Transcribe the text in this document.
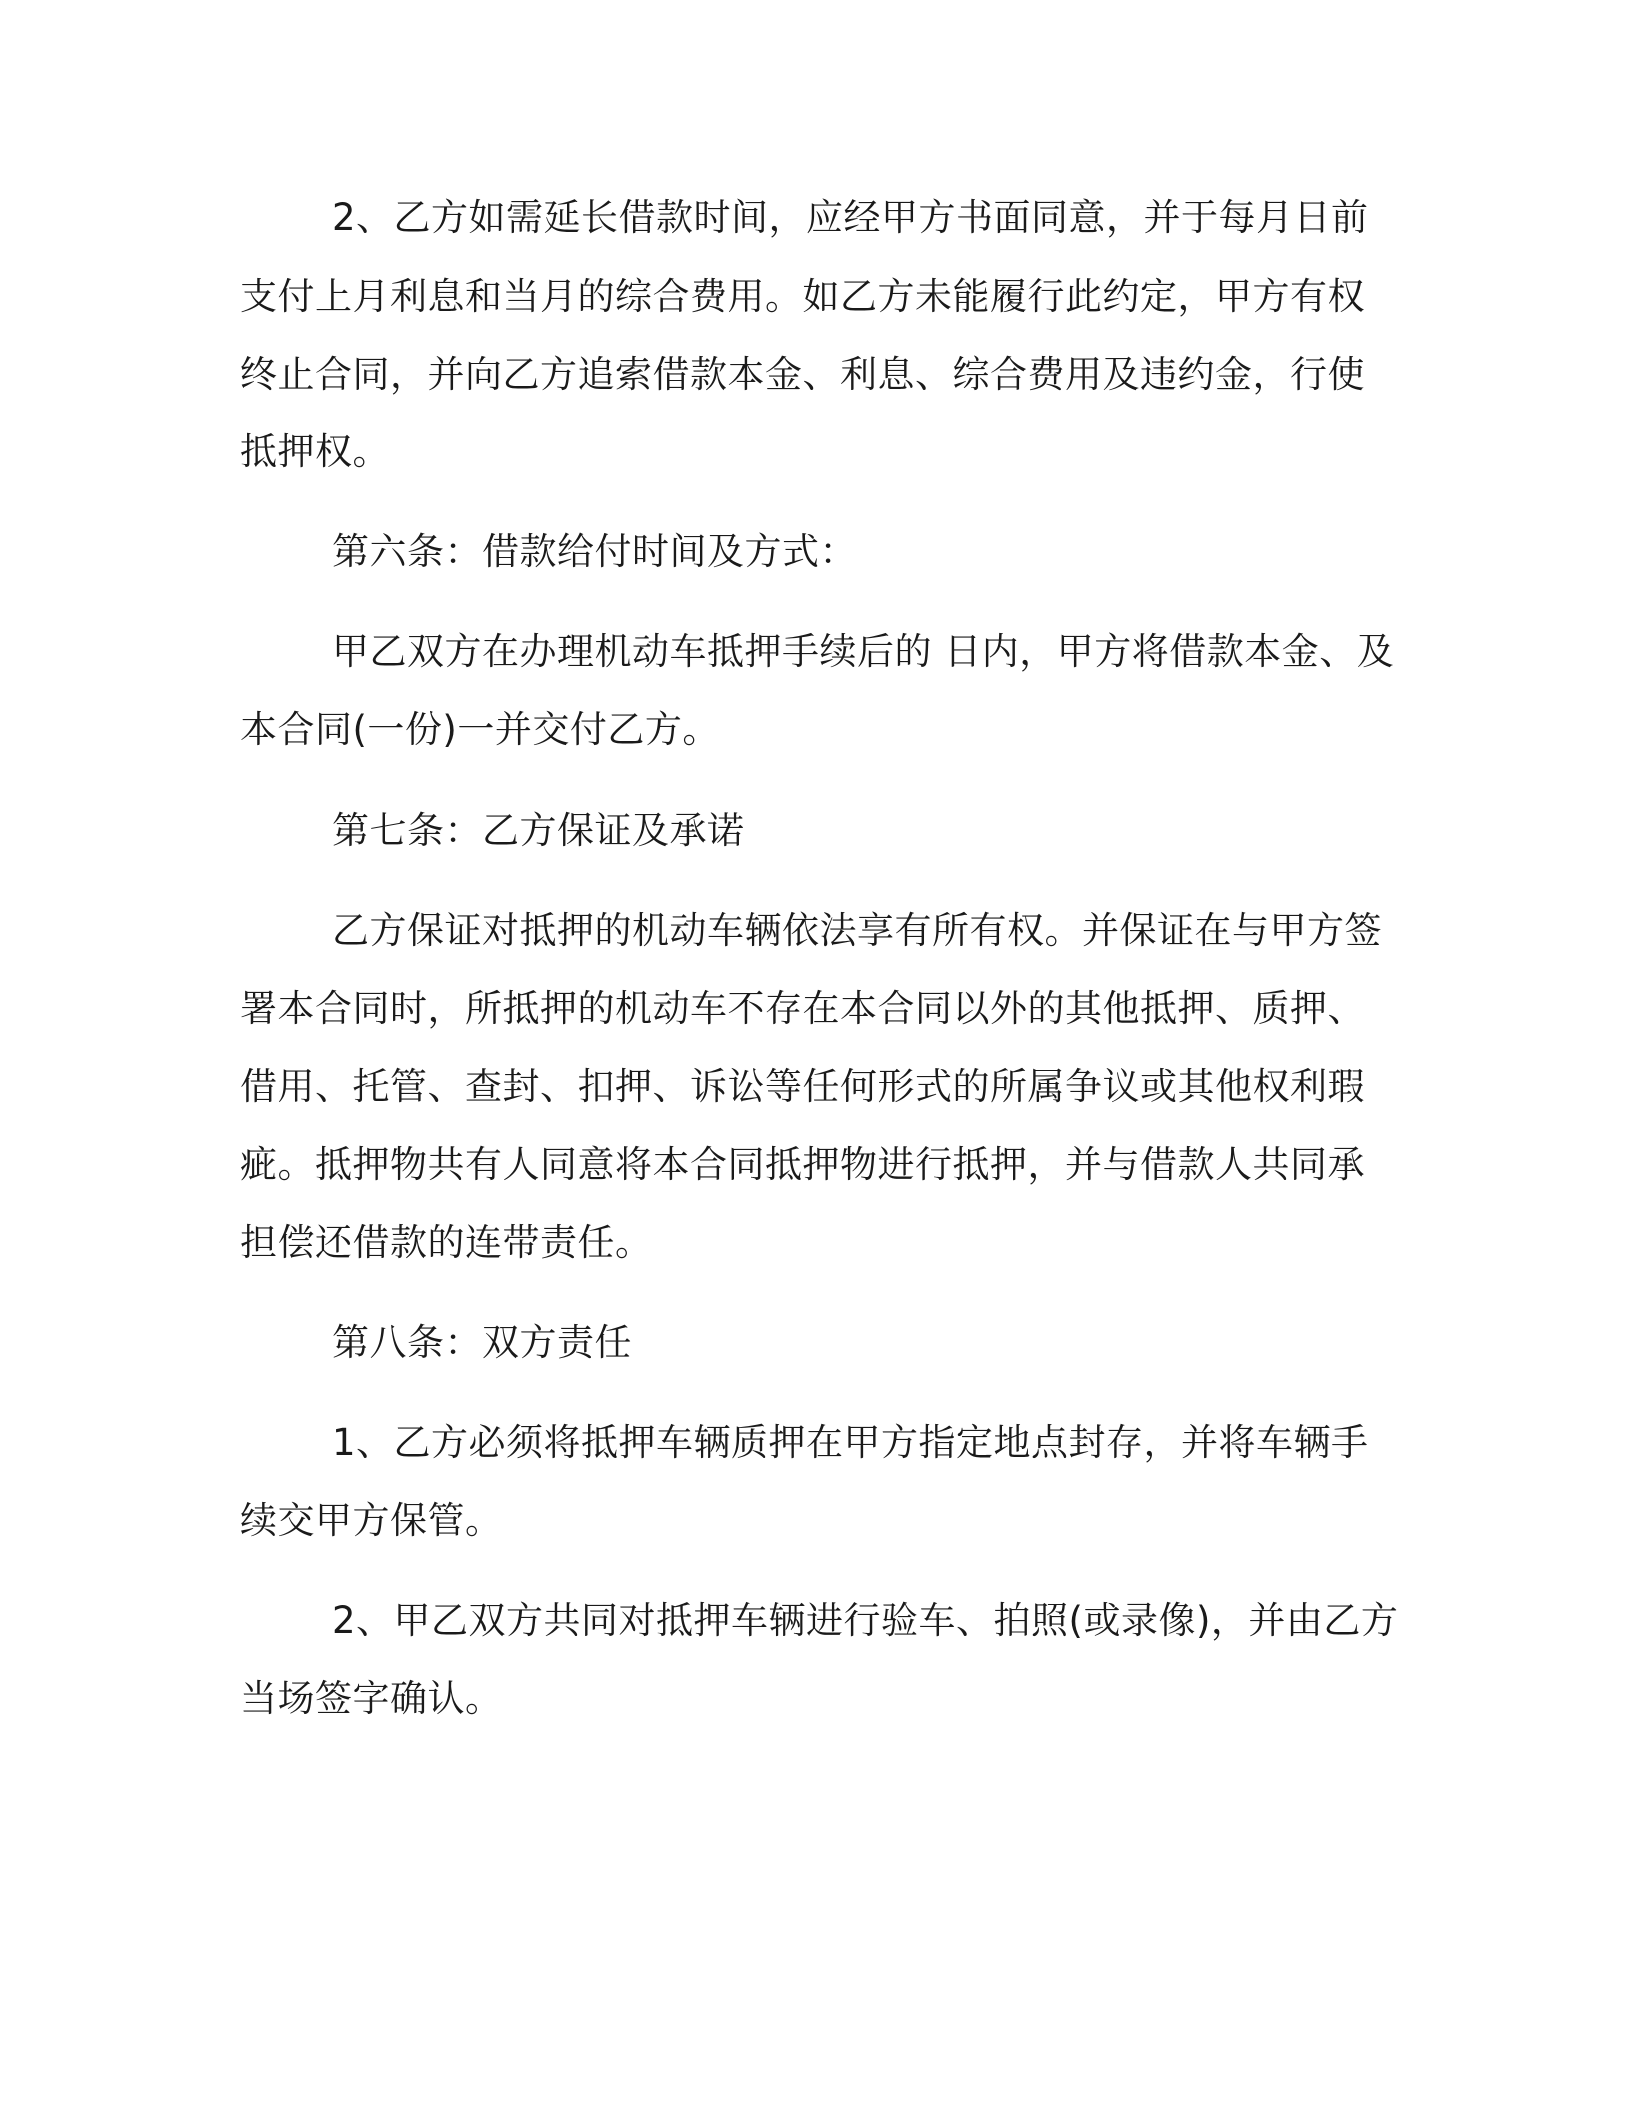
2、乙方如需延长借款时间，应经甲方书面同意，并于每月日前

支付上月利息和当月的综合费用。如乙方未能履行此约定，甲方有权

终止合同，并向乙方追索借款本金、利息、综合费用及违约金，行使

抵押权。

第六条：借款给付时间及方式：

甲乙双方在办理机动车抵押手续后的 日内，甲方将借款本金、及

本合同(一份)一并交付乙方。

第七条：乙方保证及承诺

乙方保证对抵押的机动车辆依法享有所有权。并保证在与甲方签

署本合同时，所抵押的机动车不存在本合同以外的其他抵押、质押、

借用、托管、查封、扣押、诉讼等任何形式的所属争议或其他权利瑕

疵。抵押物共有人同意将本合同抵押物进行抵押，并与借款人共同承

担偿还借款的连带责任。

第八条：双方责任

1、乙方必须将抵押车辆质押在甲方指定地点封存，并将车辆手

续交甲方保管。

2、甲乙双方共同对抵押车辆进行验车、拍照(或录像)，并由乙方

当场签字确认。
